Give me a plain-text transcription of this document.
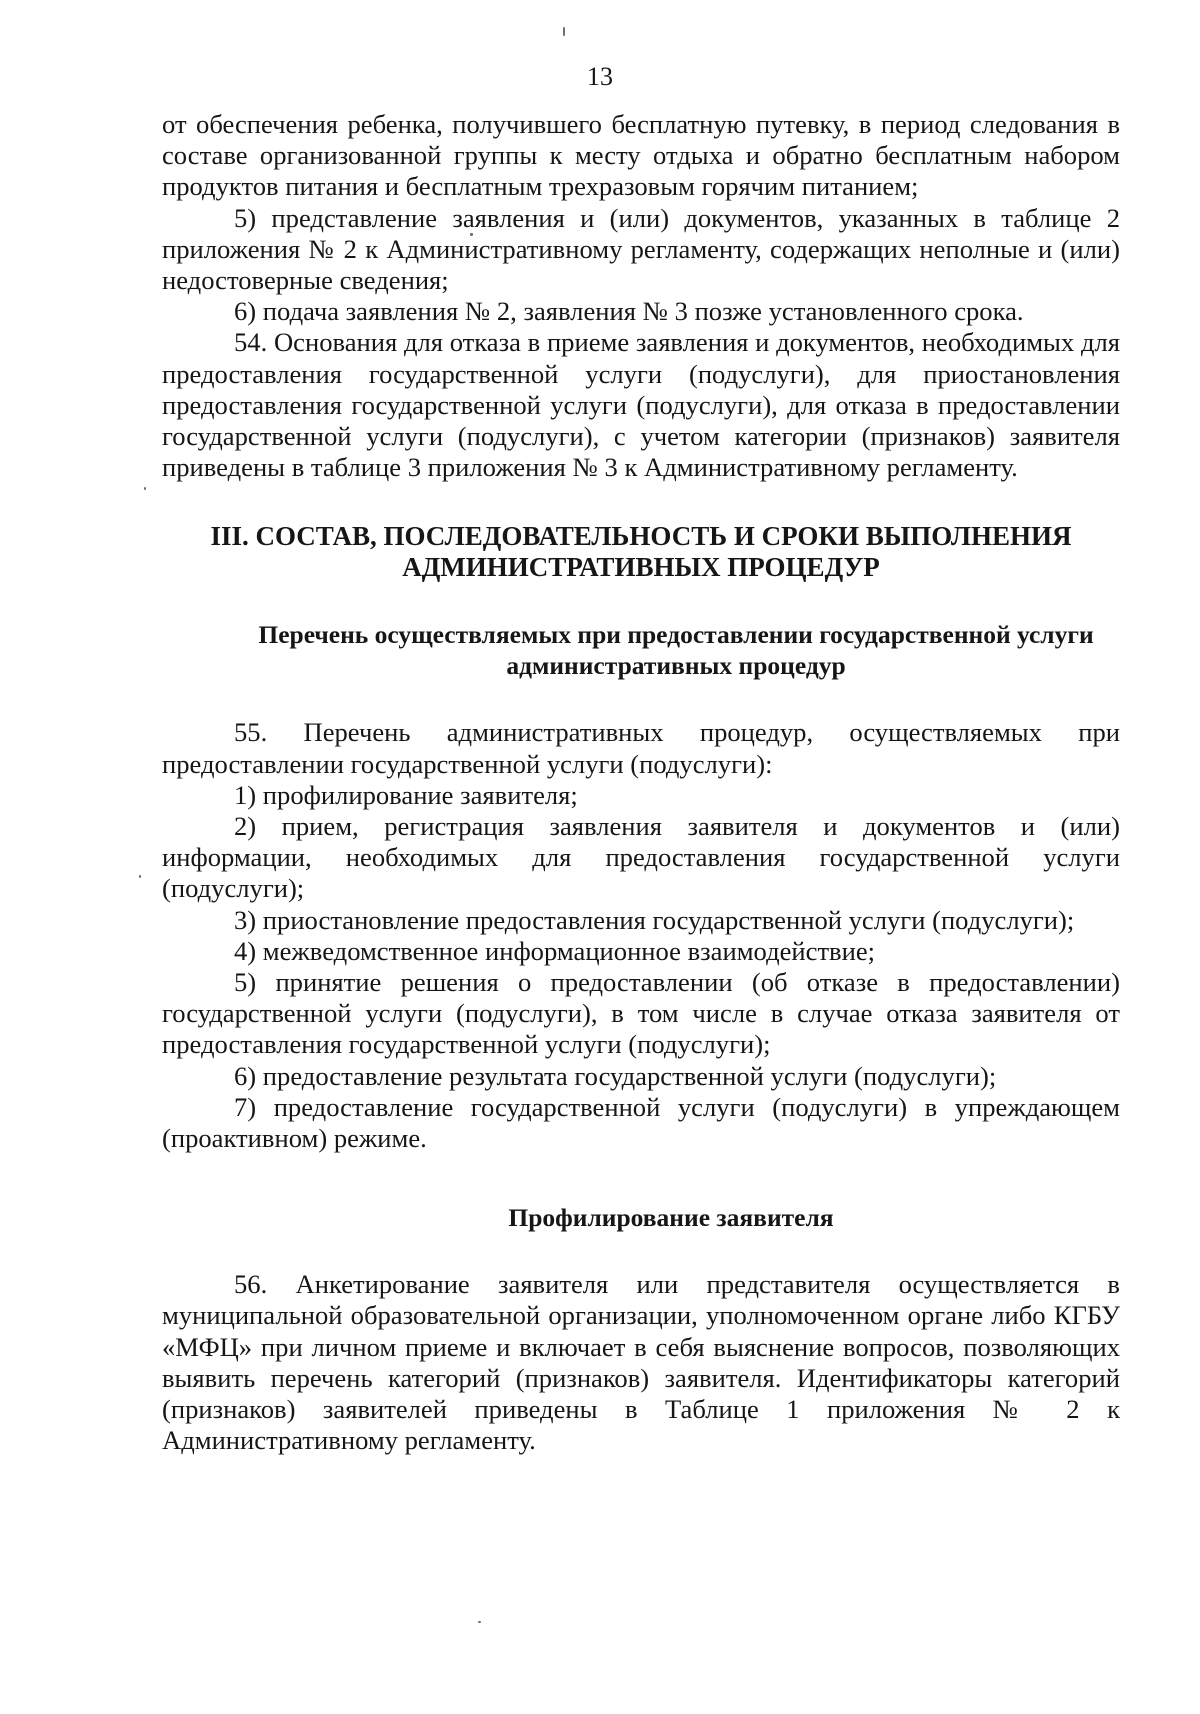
13

от обеспечения ребенка, получившего бесплатную путевку, в период следования в составе организованной группы к месту отдыха и обратно бесплатным набором продуктов питания и бесплатным трехразовым горячим питанием;

5) представление заявления и (или) документов, указанных в таблице 2 приложения № 2 к Административному регламенту, содержащих неполные и (или) недостоверные сведения;

6) подача заявления № 2, заявления № 3 позже установленного срока.

54. Основания для отказа в приеме заявления и документов, необходимых для предоставления государственной услуги (подуслуги), для приостановления предоставления государственной услуги (подуслуги), для отказа в предоставлении государственной услуги (подуслуги), с учетом категории (признаков) заявителя приведены в таблице 3 приложения № 3 к Административному регламенту.

III. СОСТАВ, ПОСЛЕДОВАТЕЛЬНОСТЬ И СРОКИ ВЫПОЛНЕНИЯ АДМИНИСТРАТИВНЫХ ПРОЦЕДУР

Перечень осуществляемых при предоставлении государственной услуги административных процедур

55. Перечень административных процедур, осуществляемых при предоставлении государственной услуги (подуслуги):

1) профилирование заявителя;

2) прием, регистрация заявления заявителя и документов и (или) информации, необходимых для предоставления государственной услуги (подуслуги);

3) приостановление предоставления государственной услуги (подуслуги);

4) межведомственное информационное взаимодействие;

5) принятие решения о предоставлении (об отказе в предоставлении) государственной услуги (подуслуги), в том числе в случае отказа заявителя от предоставления государственной услуги (подуслуги);

6) предоставление результата государственной услуги (подуслуги);

7) предоставление государственной услуги (подуслуги) в упреждающем (проактивном) режиме.

Профилирование заявителя

56. Анкетирование заявителя или представителя осуществляется в муниципальной образовательной организации, уполномоченном органе либо КГБУ «МФЦ» при личном приеме и включает в себя выяснение вопросов, позволяющих выявить перечень категорий (признаков) заявителя. Идентификаторы категорий (признаков) заявителей приведены в Таблице 1 приложения № 2 к Административному регламенту.
